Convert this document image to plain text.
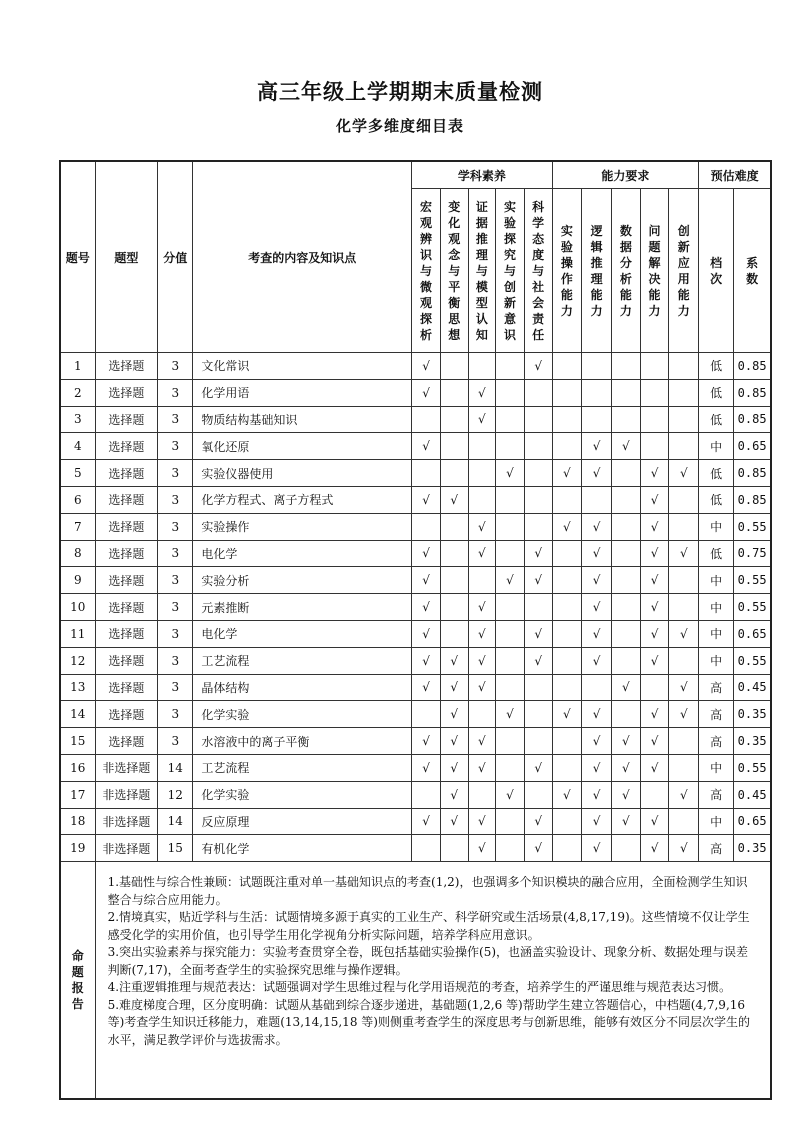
高三年级上学期期末质量检测
化学多维度细目表
题号	题型	分值	考查的内容及知识点	学科素养					能力要求					预估难度	
				宏观辨识与微观探析	变化观念与平衡思想	证据推理与模型认知	实验探究与创新意识	科学态度与社会责任	实验操作能力	逻辑推理能力	数据分析能力	问题解决能力	创新应用能力	档次	系数
1	选择题	3	文化常识	√				√						低	0.85
2	选择题	3	化学用语	√		√								低	0.85
3	选择题	3	物质结构基础知识			√								低	0.85
4	选择题	3	氧化还原	√						√	√			中	0.65
5	选择题	3	实验仪器使用				√		√	√		√	√	低	0.85
6	选择题	3	化学方程式、离子方程式	√	√							√		低	0.85
7	选择题	3	实验操作			√			√	√		√		中	0.55
8	选择题	3	电化学	√		√		√		√		√	√	低	0.75
9	选择题	3	实验分析	√			√	√		√		√		中	0.55
10	选择题	3	元素推断	√		√				√		√		中	0.55
11	选择题	3	电化学	√		√		√		√		√	√	中	0.65
12	选择题	3	工艺流程	√	√	√		√		√		√		中	0.55
13	选择题	3	晶体结构	√	√	√					√		√	高	0.45
14	选择题	3	化学实验		√		√		√	√		√	√	高	0.35
15	选择题	3	水溶液中的离子平衡	√	√	√				√	√	√		高	0.35
16	非选择题	14	工艺流程	√	√	√		√		√	√	√		中	0.55
17	非选择题	12	化学实验		√		√		√	√	√		√	高	0.45
18	非选择题	14	反应原理	√	√	√		√		√	√	√		中	0.65
19	非选择题	15	有机化学			√		√		√		√	√	高	0.35
命题报告	1.基础性与综合性兼顾：试题既注重对单一基础知识点的考查(1,2)，也强调多个知识模块的融合应用，全面检测学生知识整合与综合应用能力。

2.情境真实，贴近学科与生活：试题情境多源于真实的工业生产、科学研究或生活场景(4,8,17,19)。这些情境不仅让学生感受化学的实用价值，也引导学生用化学视角分析实际问题，培养学科应用意识。

3.突出实验素养与探究能力：实验考查贯穿全卷，既包括基础实验操作(5)，也涵盖实验设计、现象分析、数据处理与误差判断(7,17)，全面考查学生的实验探究思维与操作逻辑。

4.注重逻辑推理与规范表达：试题强调对学生思维过程与化学用语规范的考查，培养学生的严谨思维与规范表达习惯。

5.难度梯度合理，区分度明确：试题从基础到综合逐步递进，基础题(1,2,6 等)帮助学生建立答题信心，中档题(4,7,9,16 等)考查学生知识迁移能力，难题(13,14,15,18 等)则侧重考查学生的深度思考与创新思维，能够有效区分不同层次学生的水平，满足教学评价与选拔需求。														
